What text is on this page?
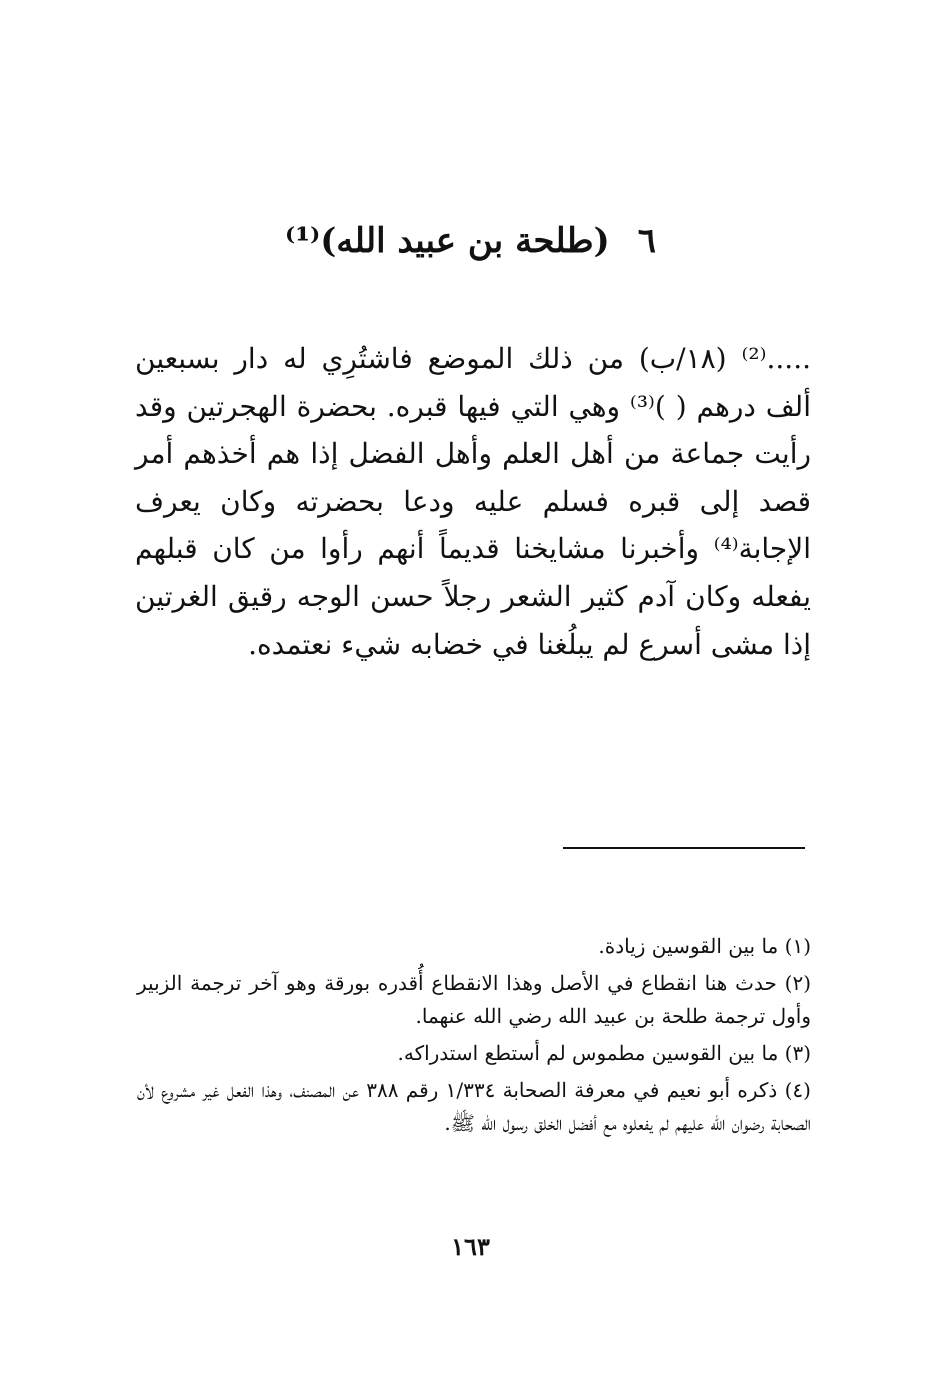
٦(طلحة بن عبيد الله)⁽¹⁾
.....⁽²⁾ (١٨/ب) من ذلك الموضع فاشتُرِي له دار بسبعين ألف درهم ( )⁽³⁾ وهي التي فيها قبره. بحضرة الهجرتين وقد رأيت جماعة من أهل العلم وأهل الفضل إذا هم أخذهم أمر قصد إلى قبره فسلم عليه ودعا بحضرته وكان يعرف الإجابة⁽⁴⁾ وأخبرنا مشايخنا قديماً أنهم رأوا من كان قبلهم يفعله وكان آدم كثير الشعر رجلاً حسن الوجه رقيق الغرتين إذا مشى أسرع لم يبلُغنا في خضابه شيء نعتمده.

(١) ما بين القوسين زيادة.

(٢) حدث هنا انقطاع في الأصل وهذا الانقطاع أُقدره بورقة وهو آخر ترجمة الزبير وأول ترجمة طلحة بن عبيد الله رضي الله عنهما.

(٣) ما بين القوسين مطموس لم أستطع استدراكه.

(٤) ذكره أبو نعيم في معرفة الصحابة ١/٣٣٤ رقم ٣٨٨ عن المصنف، وهذا الفعل غير مشروع لأن الصحابة رضوان الله عليهم لم يفعلوه مع أفضل الخلق رسول الله ﷺ.

١٦٣
